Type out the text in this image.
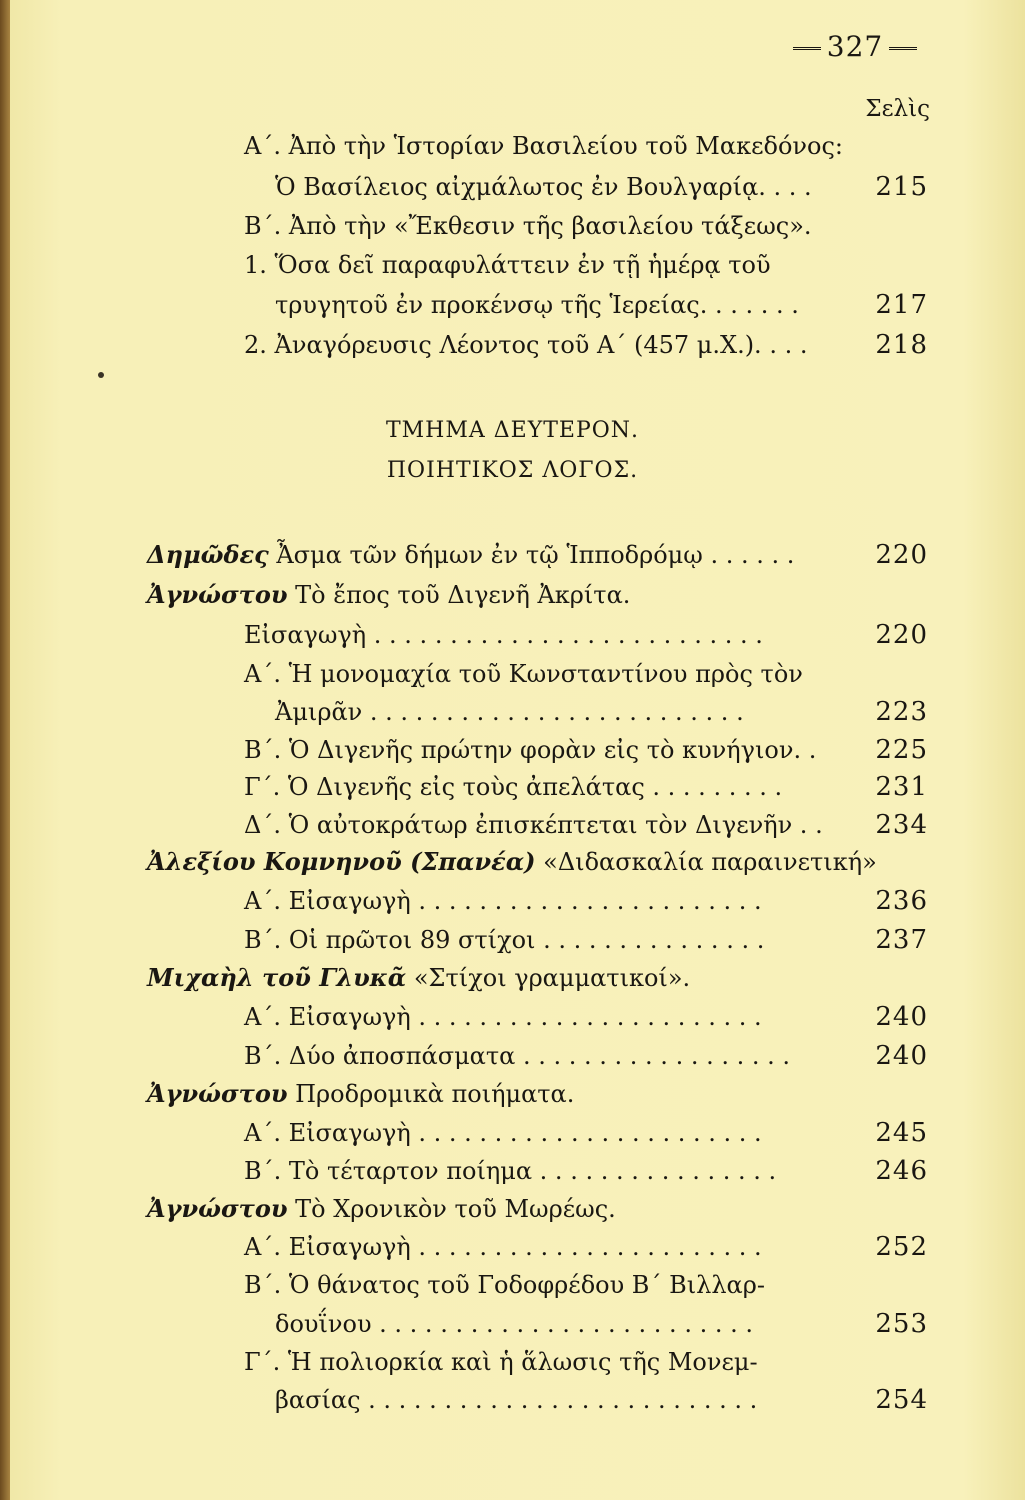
327
Σελὶς
Α΄. Ἀπὸ τὴν Ἱστορίαν Βασιλείου τοῦ Μακεδόνος:
Ὁ Βασίλειος αἰχμάλωτος ἐν Βουλγαρίᾳ. . . .	215
Β΄. Ἀπὸ τὴν «Ἔκθεσιν τῆς βασιλείου τάξεως».
1. Ὅσα δεῖ παραφυλάττειν ἐν τῇ ἡμέρᾳ τοῦ
τρυγητοῦ ἐν προκένσῳ τῆς Ἱερείας. . . . . . .	217
2. Ἀναγόρευσις Λέοντος τοῦ Α΄ (457 μ.Χ.). . . .	218
ΤΜΗΜΑ ΔΕΥΤΕΡΟΝ.
ΠΟΙΗΤΙΚΟΣ ΛΟΓΟΣ.
Δημῶδες Ἆσμα τῶν δήμων ἐν τῷ Ἱπποδρόμῳ . . . . . .	220
Ἀγνώστου Τὸ ἔπος τοῦ Διγενῆ Ἀκρίτα.
Εἰσαγωγὴ . . . . . . . . . . . . . . . . . . . . . . . . . .	220
Α΄. Ἡ μονομαχία τοῦ Κωνσταντίνου πρὸς τὸν
Ἀμιρᾶν . . . . . . . . . . . . . . . . . . . . . . . . .	223
Β΄. Ὁ Διγενῆς πρώτην φορὰν εἰς τὸ κυνήγιον. .	225
Γ΄. Ὁ Διγενῆς εἰς τοὺς ἀπελάτας . . . . . . . . .	231
Δ΄. Ὁ αὐτοκράτωρ ἐπισκέπτεται τὸν Διγενῆν . .	234
Ἀλεξίου Κομνηνοῦ (Σπανέα) «Διδασκαλία παραινετική»
Α΄. Εἰσαγωγὴ . . . . . . . . . . . . . . . . . . . . . . .	236
Β΄. Οἱ πρῶτοι 89 στίχοι . . . . . . . . . . . . . . .	237
Μιχαὴλ τοῦ Γλυκᾶ «Στίχοι γραμματικοί».
Α΄. Εἰσαγωγὴ . . . . . . . . . . . . . . . . . . . . . . .	240
Β΄. Δύο ἀποσπάσματα . . . . . . . . . . . . . . . . . .	240
Ἀγνώστου Προδρομικὰ ποιήματα.
Α΄. Εἰσαγωγὴ . . . . . . . . . . . . . . . . . . . . . . .	245
Β΄. Τὸ τέταρτον ποίημα . . . . . . . . . . . . . . . .	246
Ἀγνώστου Τὸ Χρονικὸν τοῦ Μωρέως.
Α΄. Εἰσαγωγὴ . . . . . . . . . . . . . . . . . . . . . . .	252
Β΄. Ὁ θάνατος τοῦ Γοδοφρέδου Β΄ Βιλλαρ-
δουΐνου . . . . . . . . . . . . . . . . . . . . . . . . .	253
Γ΄. Ἡ πολιορκία καὶ ἡ ἅλωσις τῆς Μονεμ-
βασίας . . . . . . . . . . . . . . . . . . . . . . . . . .	254
